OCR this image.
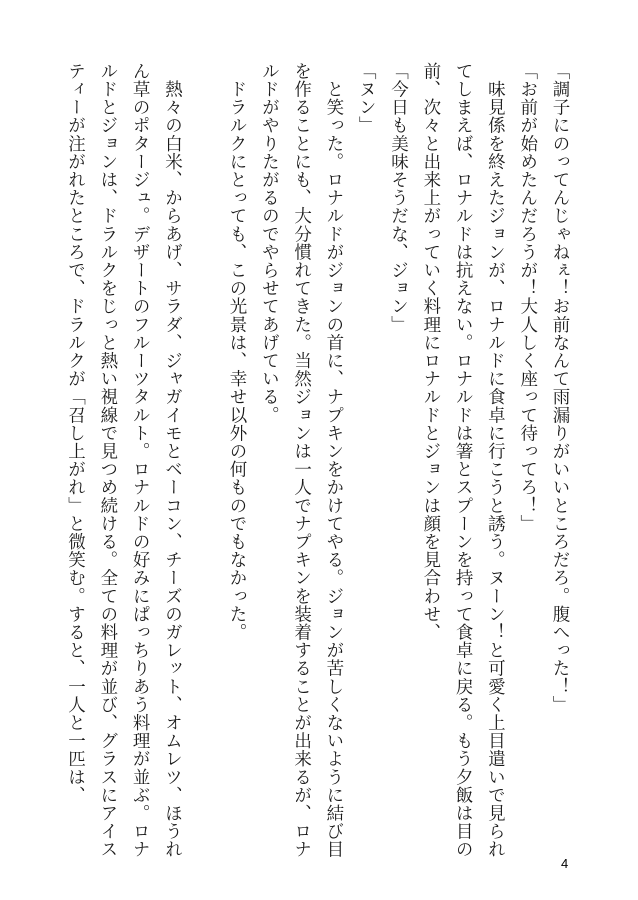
「調子にのってんじゃねぇ！お前なんて雨漏りがいいところだろ。腹へった！」
「お前が始めたんだろうが！大人しく座って待ってろ！」
　味見係を終えたジョンが、ロナルドに食卓に行こうと誘う。ヌーン！と可愛く上目遣いで見られ
てしまえば、ロナルドは抗えない。ロナルドは箸とスプーンを持って食卓に戻る。もう夕飯は目の
前、次々と出来上がっていく料理にロナルドとジョンは顔を見合わせ、
「今日も美味そうだな、ジョン」
「ヌン」
　と笑った。ロナルドがジョンの首に、ナプキンをかけてやる。ジョンが苦しくないように結び目
を作ることにも、大分慣れてきた。当然ジョンは一人でナプキンを装着することが出来るが、ロナ
ルドがやりたがるのでやらせてあげている。
　ドラルクにとっても、この光景は、幸せ以外の何ものでもなかった。
　熱々の白米、からあげ、サラダ、ジャガイモとベーコン、チーズのガレット、オムレツ、ほうれ
ん草のポタージュ。デザートのフルーツタルト。ロナルドの好みにぱっちりあう料理が並ぶ。ロナ
ルドとジョンは、ドラルクをじっと熱い視線で見つめ続ける。全ての料理が並び、グラスにアイス
ティーが注がれたところで、ドラルクが「召し上がれ」と微笑む。すると、一人と一匹は、
4
